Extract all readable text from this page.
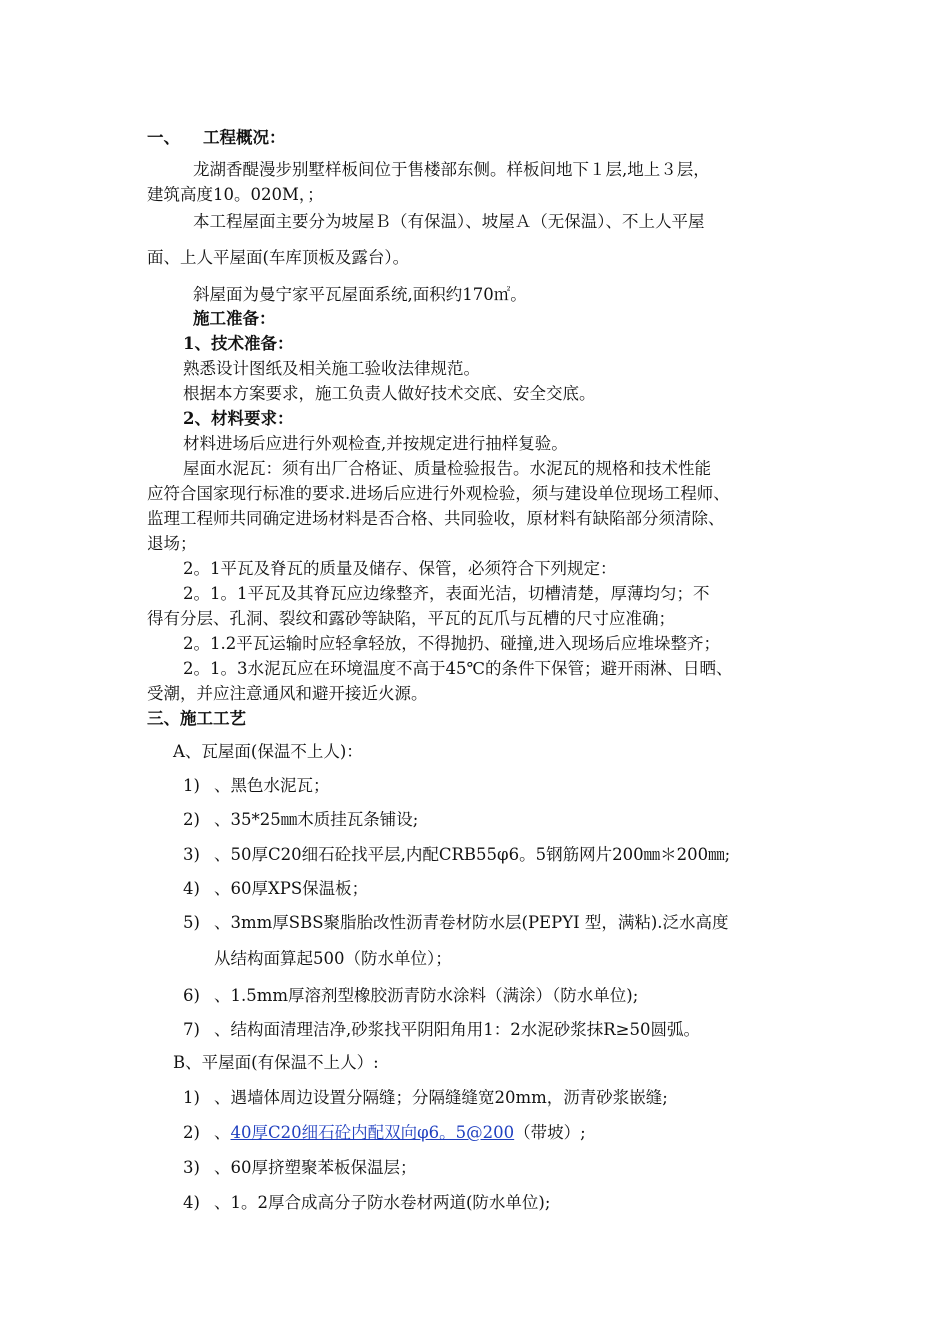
一、 工程概况：
龙湖香醍漫步别墅样板间位于售楼部东侧。样板间地下１层,地上３层，
建筑高度10。020M，；
本工程屋面主要分为坡屋Ｂ（有保温）、坡屋Ａ（无保温）、不上人平屋
面、上人平屋面(车库顶板及露台）。
斜屋面为曼宁家平瓦屋面系统,面积约170㎡。
施工准备：
1、技术准备：
熟悉设计图纸及相关施工验收法律规范。
根据本方案要求，施工负责人做好技术交底、安全交底。
2、材料要求：
材料进场后应进行外观检查,并按规定进行抽样复验。
屋面水泥瓦：须有出厂合格证、质量检验报告。水泥瓦的规格和技术性能
应符合国家现行标准的要求.进场后应进行外观检验，须与建设单位现场工程师、
监理工程师共同确定进场材料是否合格、共同验收，原材料有缺陷部分须清除、
退场；
2。1平瓦及脊瓦的质量及储存、保管，必须符合下列规定：
2。1。1平瓦及其脊瓦应边缘整齐，表面光洁，切槽清楚，厚薄均匀；不
得有分层、孔洞、裂纹和露砂等缺陷，平瓦的瓦爪与瓦槽的尺寸应准确；
2。1.2平瓦运输时应轻拿轻放，不得抛扔、碰撞,进入现场后应堆垛整齐；
2。1。3水泥瓦应在环境温度不高于45℃的条件下保管；避开雨淋、日晒、
受潮，并应注意通风和避开接近火源。
三、施工工艺
A、瓦屋面(保温不上人)：
1) 、黑色水泥瓦；
2) 、35*25㎜木质挂瓦条铺设;
3) 、50厚C20细石砼找平层,内配CRB55φ6。5钢筋网片200㎜＊200㎜;
4) 、60厚XPS保温板；
5) 、3mm厚SBS聚脂胎改性沥青卷材防水层(PEPYⅠ 型，满粘).泛水高度
从结构面算起500（防水单位）；
6) 、1.5mm厚溶剂型橡胶沥青防水涂料（满涂）（防水单位);
7) 、结构面清理洁净,砂浆找平阴阳角用1：2水泥砂浆抹R≥50圆弧。
B、平屋面(有保温不上人）:
1) 、遇墙体周边设置分隔缝；分隔缝缝宽20mm，沥青砂浆嵌缝;
2) 、40厚C20细石砼内配双向φ6。5@200（带坡）;
3) 、60厚挤塑聚苯板保温层；
4) 、1。2厚合成高分子防水卷材两道(防水单位);
